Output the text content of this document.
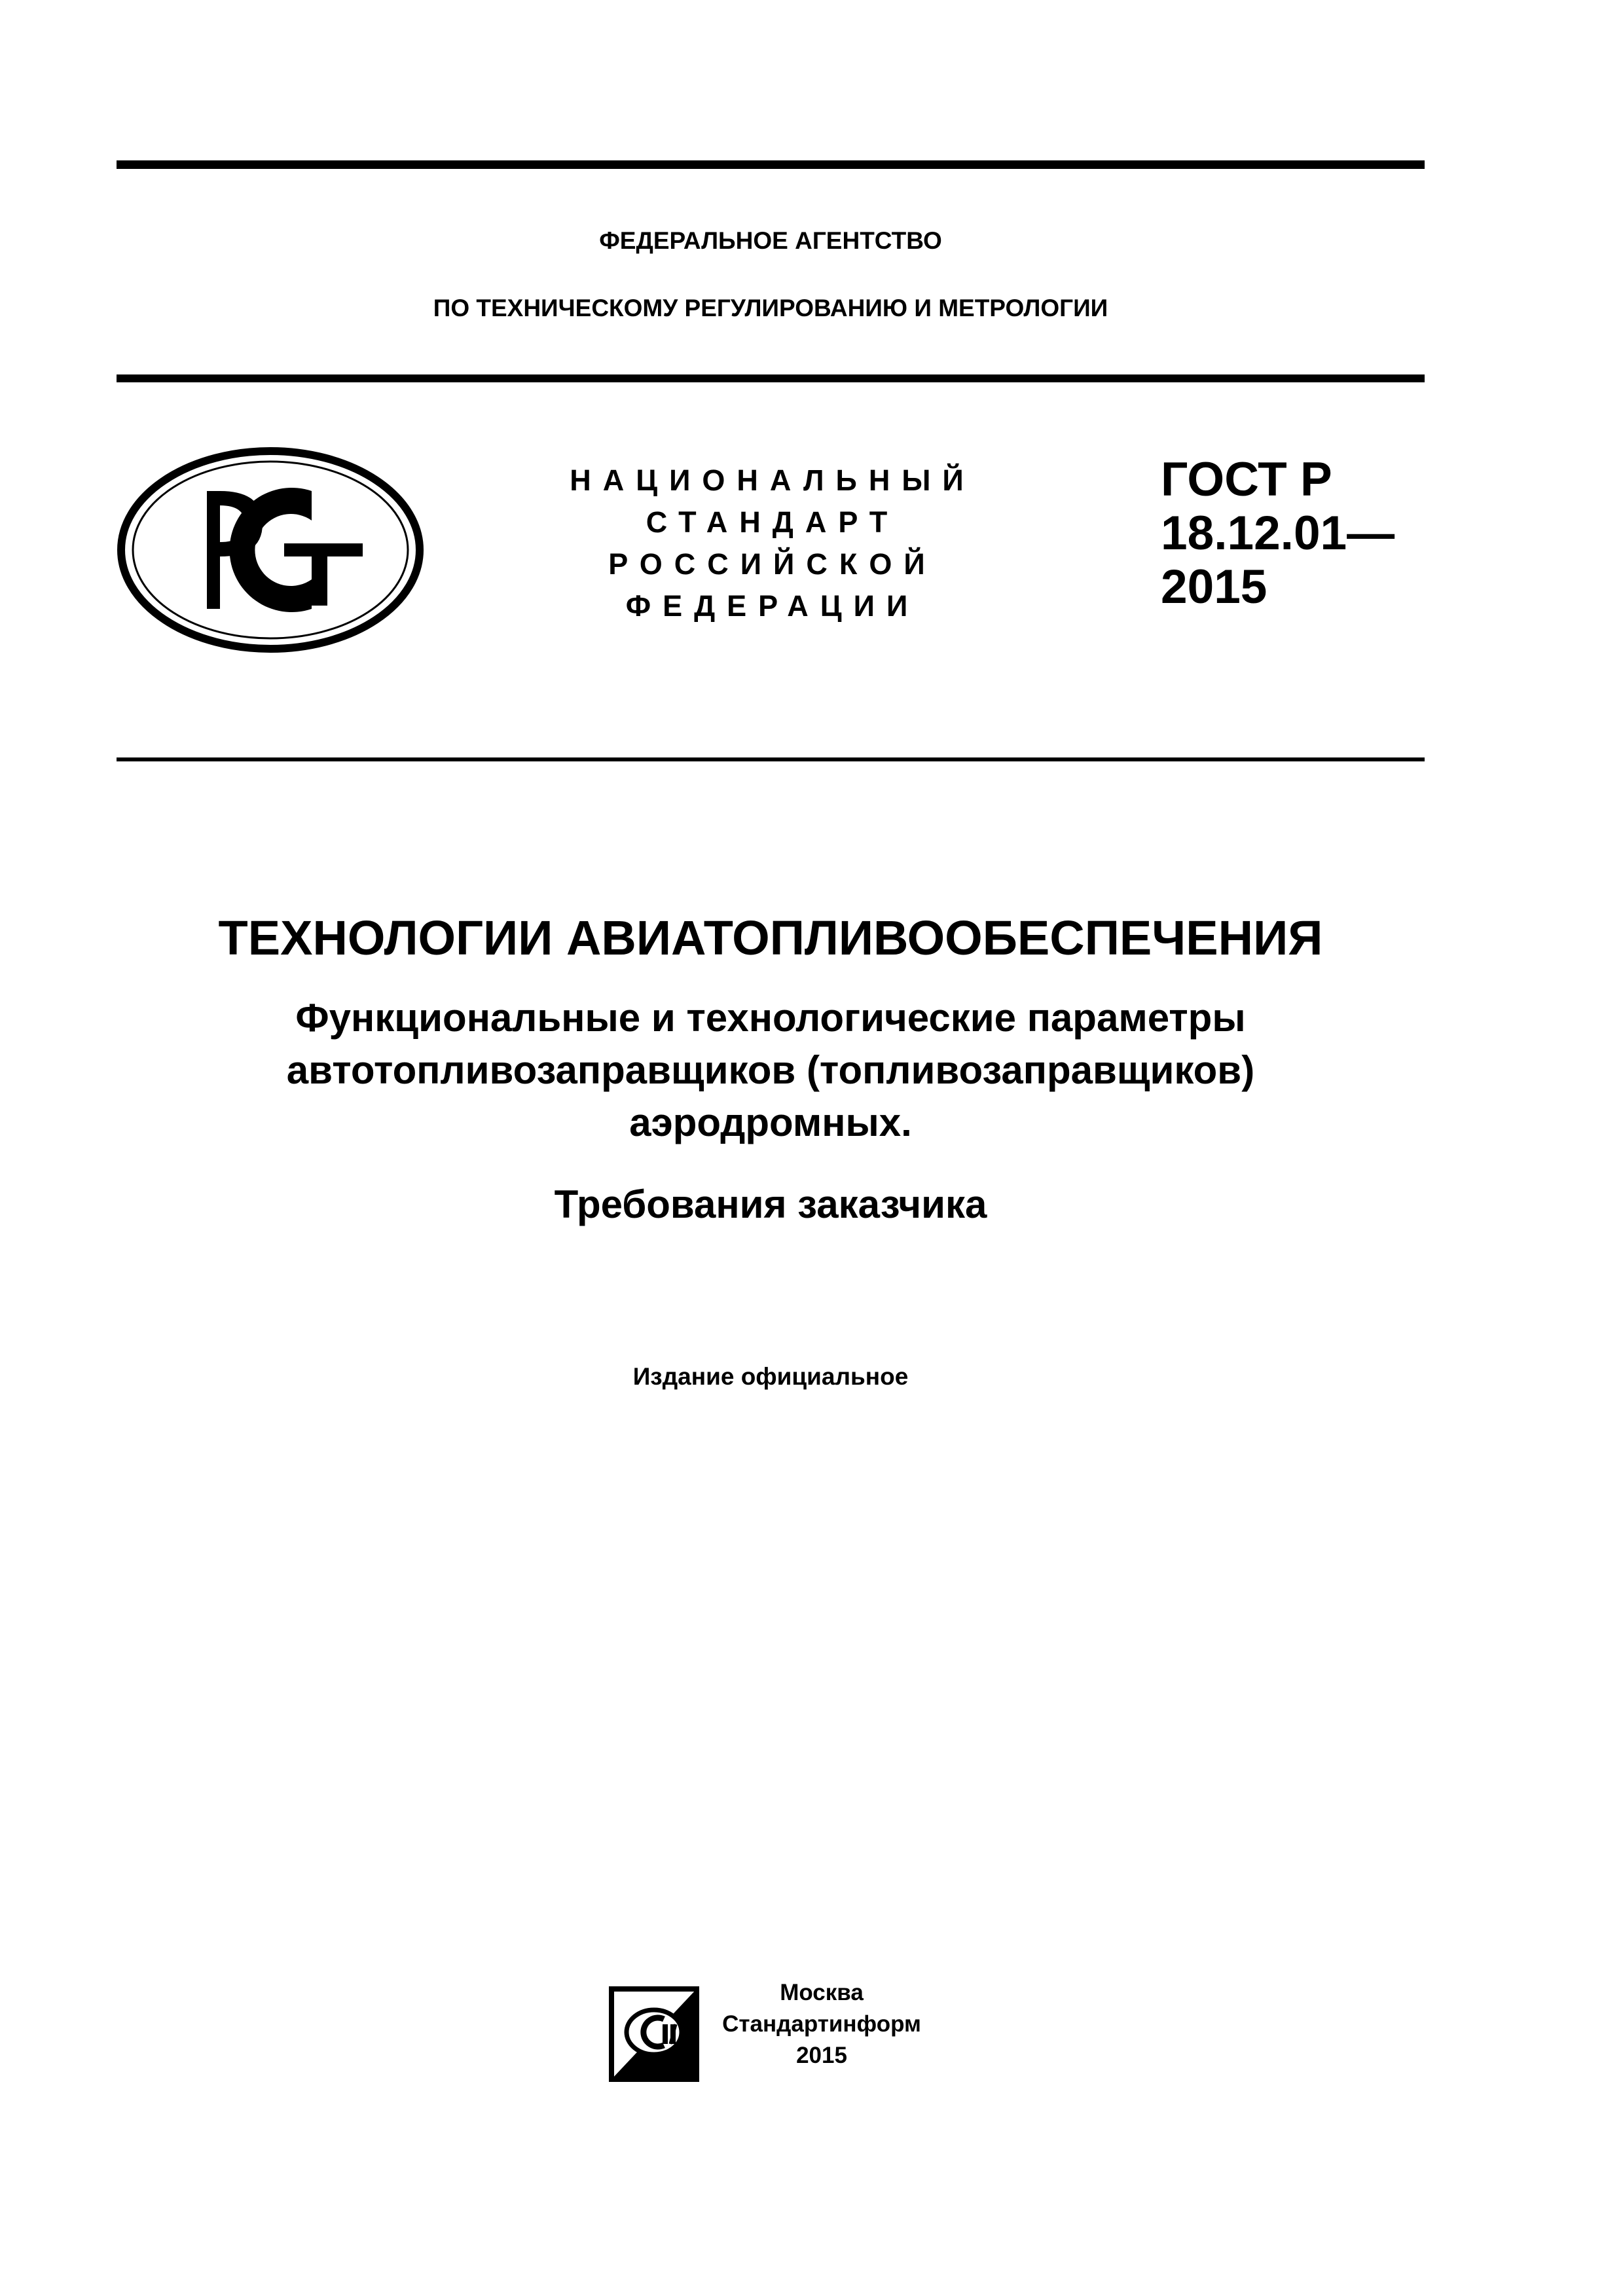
ФЕДЕРАЛЬНОЕ АГЕНТСТВО
ПО ТЕХНИЧЕСКОМУ РЕГУЛИРОВАНИЮ И МЕТРОЛОГИИ
НАЦИОНАЛЬНЫЙ
СТАНДАРТ
РОССИЙСКОЙ
ФЕДЕРАЦИИ
ГОСТ Р
18.12.01—
2015
ТЕХНОЛОГИИ АВИАТОПЛИВООБЕСПЕЧЕНИЯ
Функциональные и технологические параметры
автотопливозаправщиков (топливозаправщиков)
аэродромных.
Требования заказчика
Издание официальное
Москва
Стандартинформ
2015
